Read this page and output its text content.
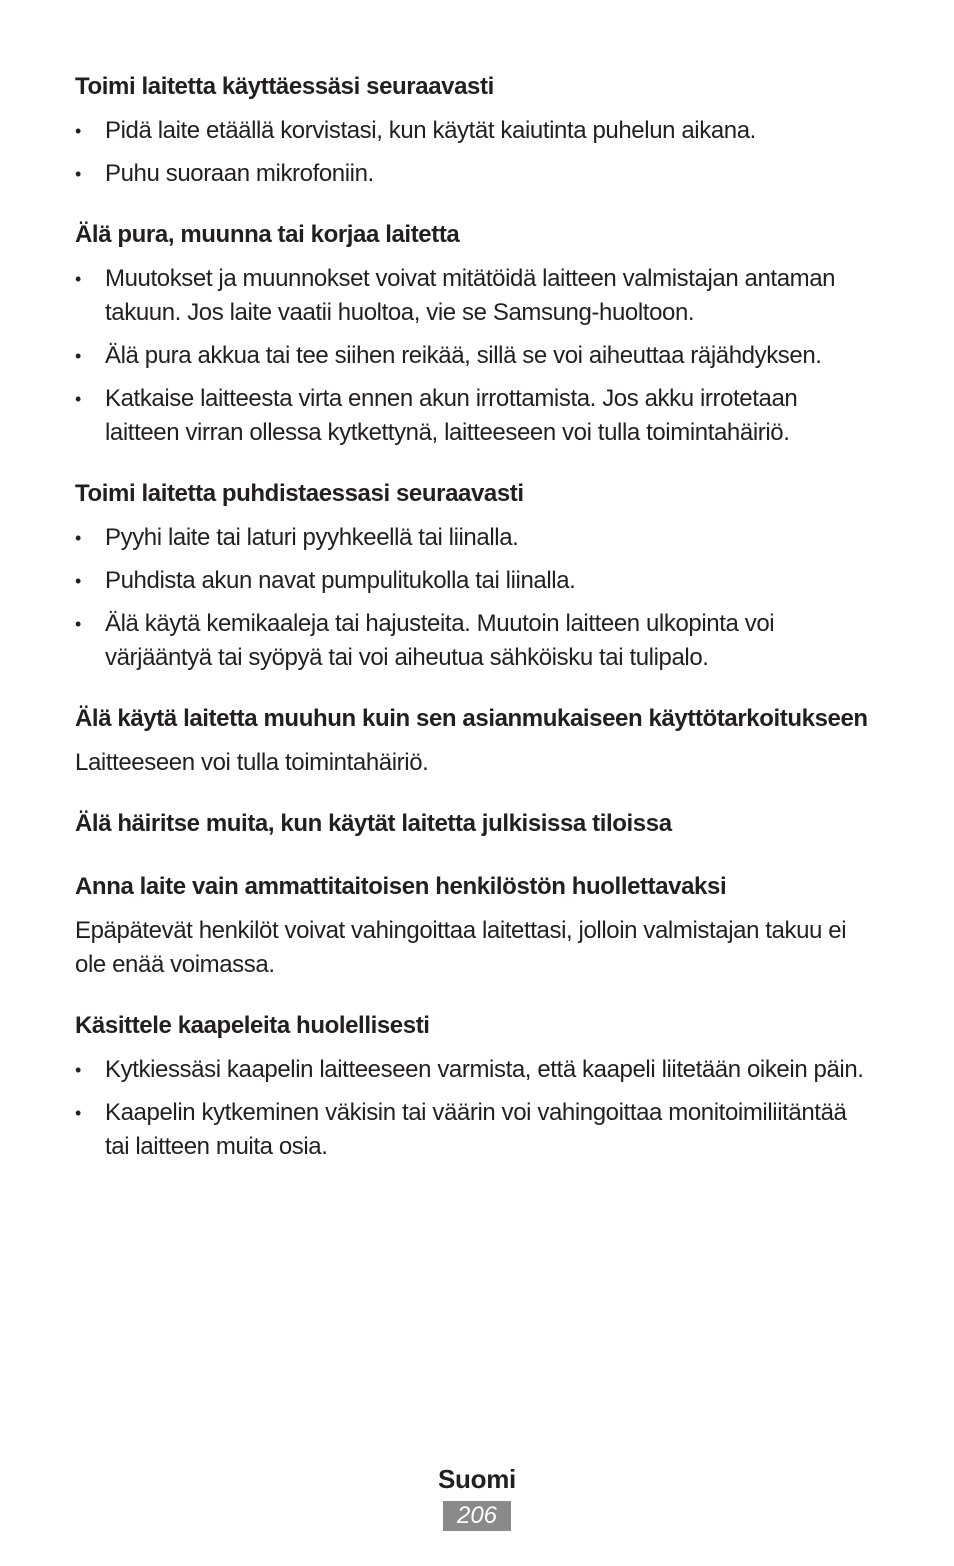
Toimi laitetta käyttäessäsi seuraavasti
• Pidä laite etäällä korvistasi, kun käytät kaiutinta puhelun aikana.
• Puhu suoraan mikrofoniin.
Älä pura, muunna tai korjaa laitetta
• Muutokset ja muunnokset voivat mitätöidä laitteen valmistajan antaman takuun. Jos laite vaatii huoltoa, vie se Samsung-huoltoon.
• Älä pura akkua tai tee siihen reikää, sillä se voi aiheuttaa räjähdyksen.
• Katkaise laitteesta virta ennen akun irrottamista. Jos akku irrotetaan laitteen virran ollessa kytkettynä, laitteeseen voi tulla toimintahäiriö.
Toimi laitetta puhdistaessasi seuraavasti
• Pyyhi laite tai laturi pyyhkeellä tai liinalla.
• Puhdista akun navat pumpulitukolla tai liinalla.
• Älä käytä kemikaaleja tai hajusteita. Muutoin laitteen ulkopinta voi värjääntyä tai syöpyä tai voi aiheutua sähköisku tai tulipalo.
Älä käytä laitetta muuhun kuin sen asianmukaiseen käyttötarkoitukseen

Laitteeseen voi tulla toimintahäiriö.

Älä häiritse muita, kun käytät laitetta julkisissa tiloissa
Anna laite vain ammattitaitoisen henkilöstön huollettavaksi

Epäpätevät henkilöt voivat vahingoittaa laitettasi, jolloin valmistajan takuu ei ole enää voimassa.

Käsittele kaapeleita huolellisesti
• Kytkiessäsi kaapelin laitteeseen varmista, että kaapeli liitetään oikein päin.
• Kaapelin kytkeminen väkisin tai väärin voi vahingoittaa monitoimiliitäntää tai laitteen muita osia.
Suomi
206
